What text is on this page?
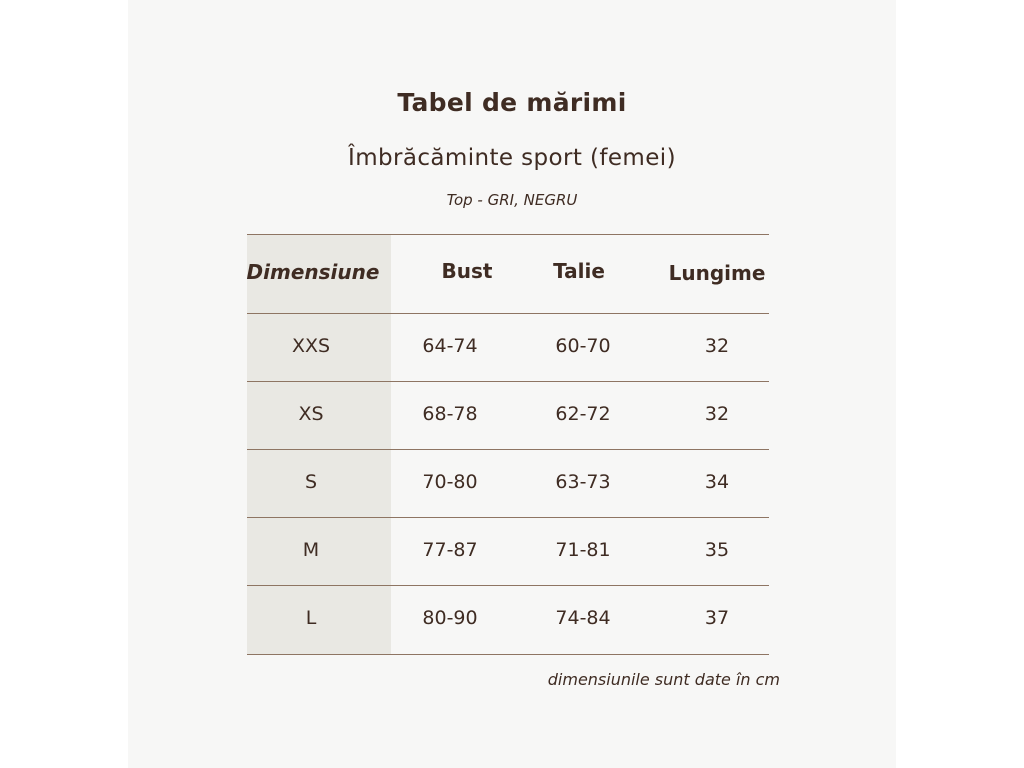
Tabel de mărimi
Îmbrăcăminte sport (femei)
Top - GRI, NEGRU
Dimensiune	Bust	Talie	Lungime
XXS	64-74	60-70	32
XS	68-78	62-72	32
S	70-80	63-73	34
M	77-87	71-81	35
L	80-90	74-84	37
dimensiunile sunt date în cm
